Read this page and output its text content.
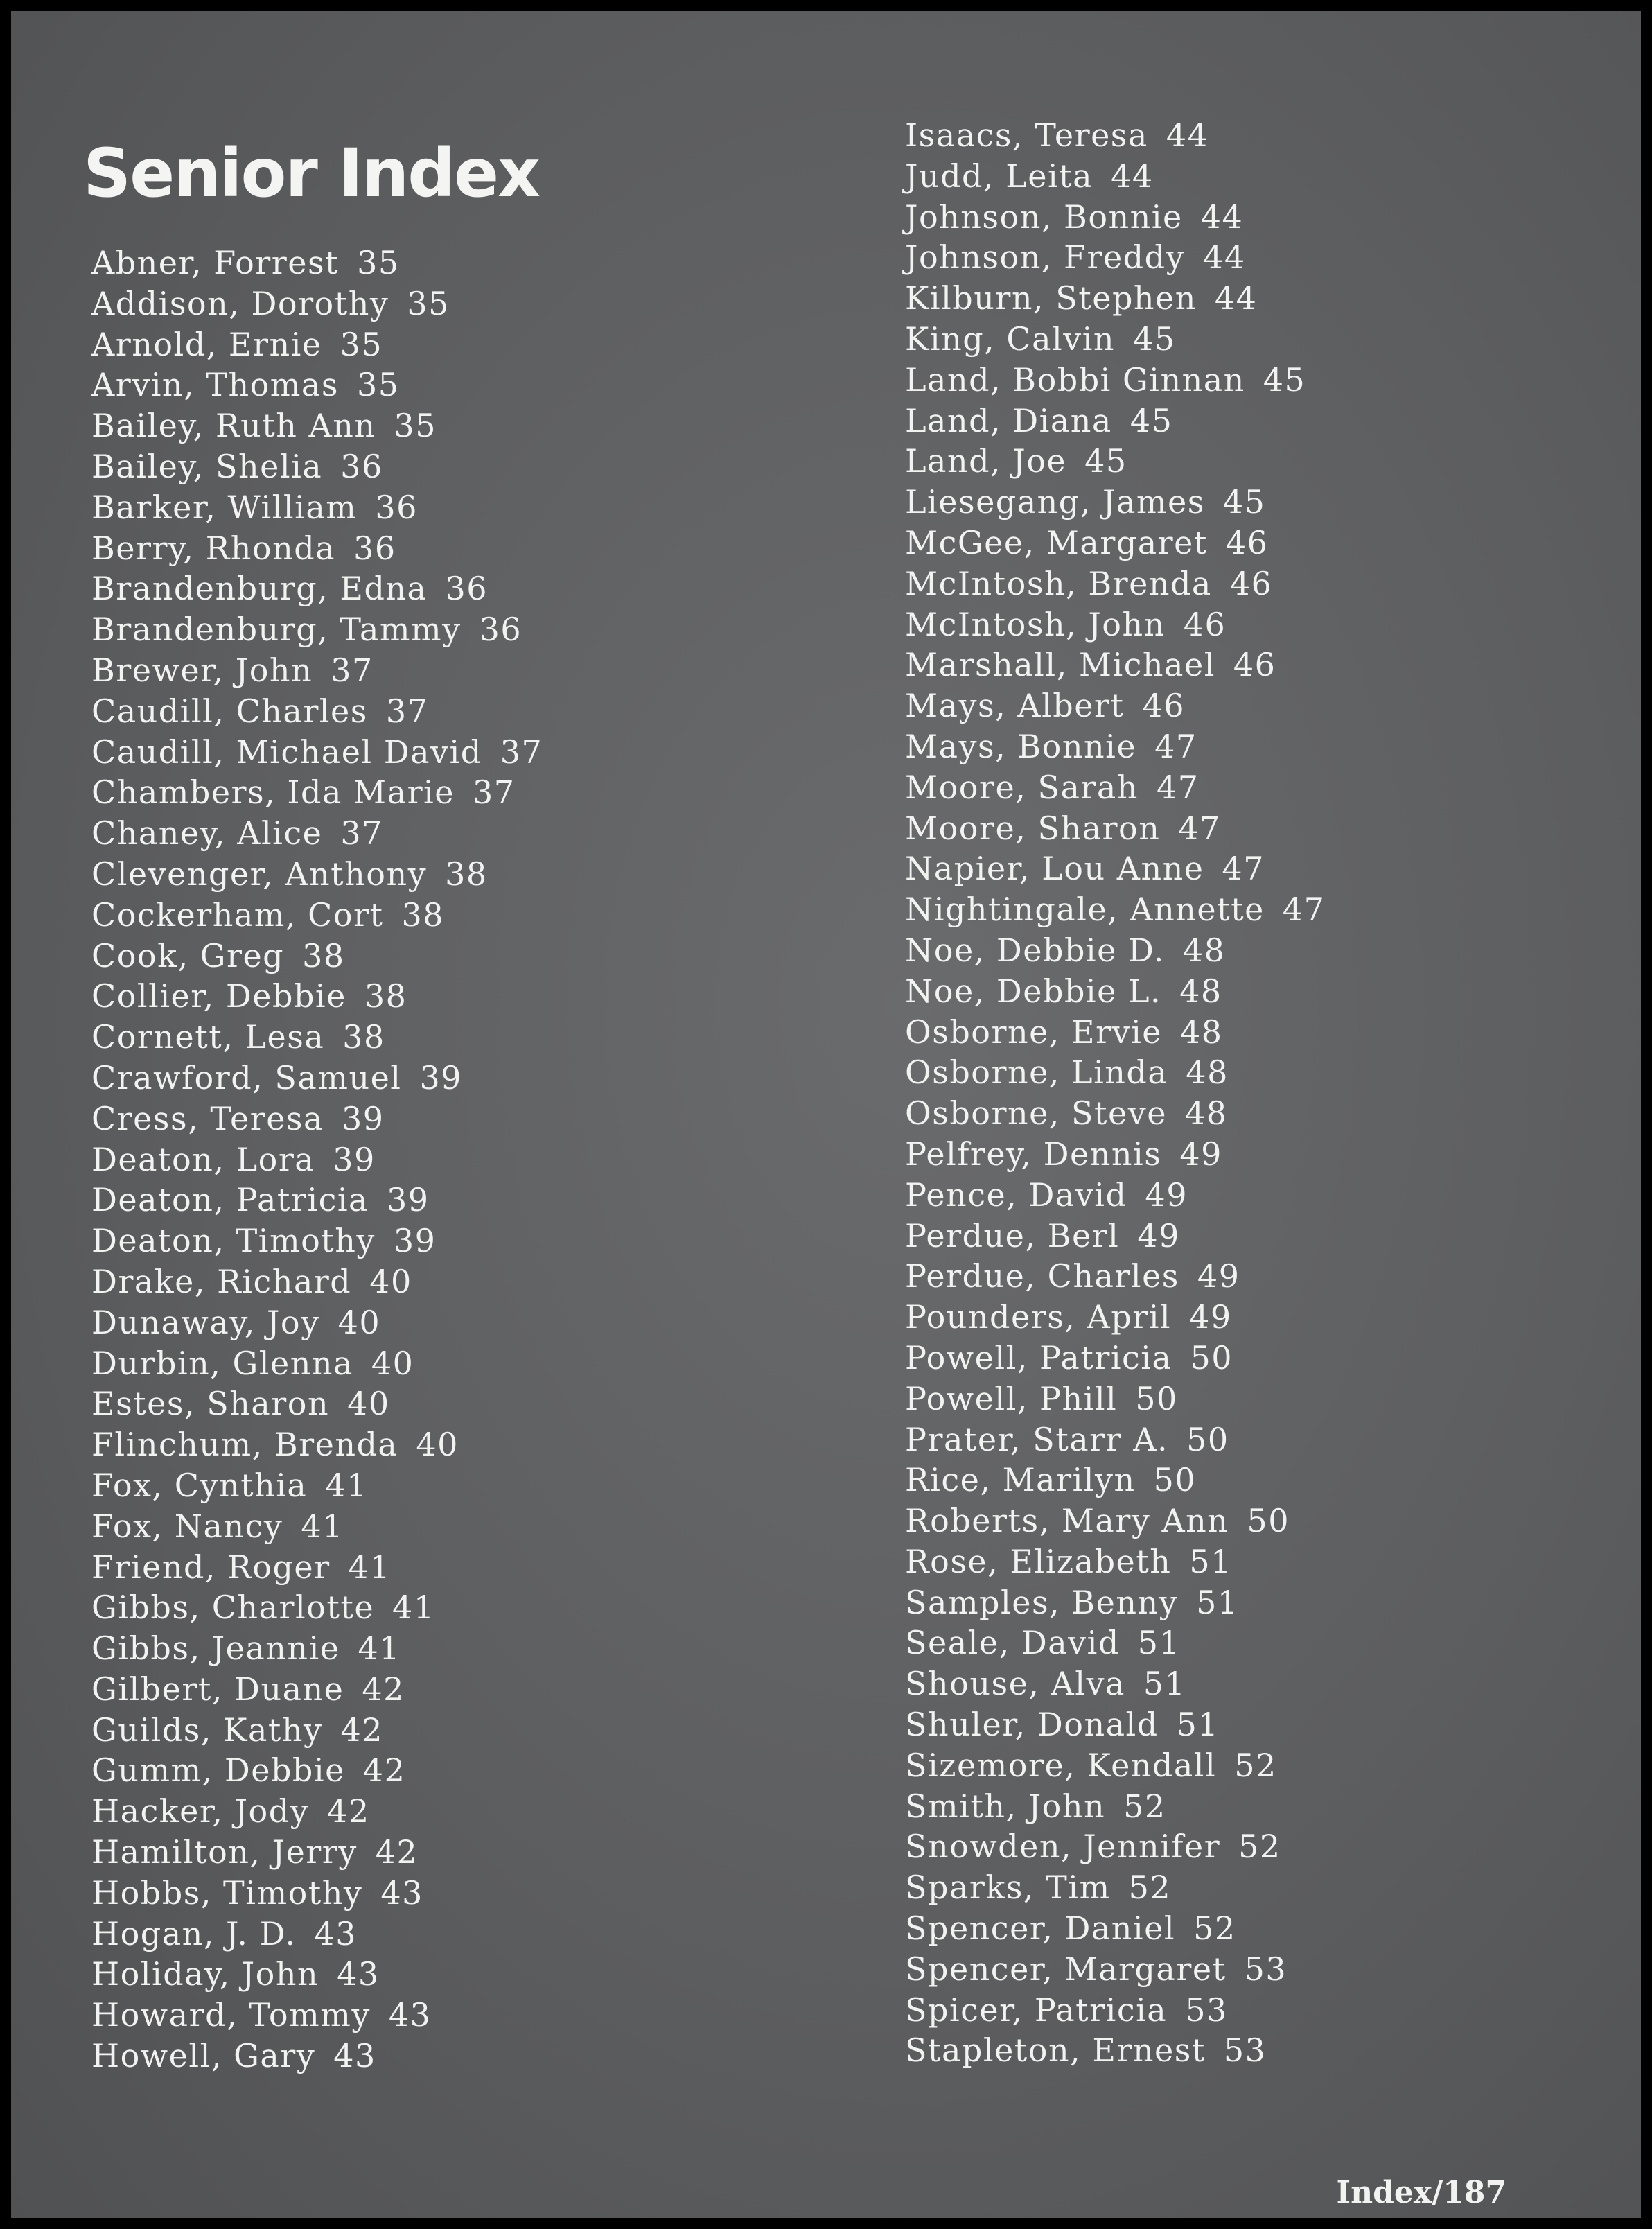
Senior Index
Abner, Forrest 35
Addison, Dorothy 35
Arnold, Ernie 35
Arvin, Thomas 35
Bailey, Ruth Ann 35
Bailey, Shelia 36
Barker, William 36
Berry, Rhonda 36
Brandenburg, Edna 36
Brandenburg, Tammy 36
Brewer, John 37
Caudill, Charles 37
Caudill, Michael David 37
Chambers, Ida Marie 37
Chaney, Alice 37
Clevenger, Anthony 38
Cockerham, Cort 38
Cook, Greg 38
Collier, Debbie 38
Cornett, Lesa 38
Crawford, Samuel 39
Cress, Teresa 39
Deaton, Lora 39
Deaton, Patricia 39
Deaton, Timothy 39
Drake, Richard 40
Dunaway, Joy 40
Durbin, Glenna 40
Estes, Sharon 40
Flinchum, Brenda 40
Fox, Cynthia 41
Fox, Nancy 41
Friend, Roger 41
Gibbs, Charlotte 41
Gibbs, Jeannie 41
Gilbert, Duane 42
Guilds, Kathy 42
Gumm, Debbie 42
Hacker, Jody 42
Hamilton, Jerry 42
Hobbs, Timothy 43
Hogan, J. D. 43
Holiday, John 43
Howard, Tommy 43
Howell, Gary 43
Isaacs, Teresa 44
Judd, Leita 44
Johnson, Bonnie 44
Johnson, Freddy 44
Kilburn, Stephen 44
King, Calvin 45
Land, Bobbi Ginnan 45
Land, Diana 45
Land, Joe 45
Liesegang, James 45
McGee, Margaret 46
McIntosh, Brenda 46
McIntosh, John 46
Marshall, Michael 46
Mays, Albert 46
Mays, Bonnie 47
Moore, Sarah 47
Moore, Sharon 47
Napier, Lou Anne 47
Nightingale, Annette 47
Noe, Debbie D. 48
Noe, Debbie L. 48
Osborne, Ervie 48
Osborne, Linda 48
Osborne, Steve 48
Pelfrey, Dennis 49
Pence, David 49
Perdue, Berl 49
Perdue, Charles 49
Pounders, April 49
Powell, Patricia 50
Powell, Phill 50
Prater, Starr A. 50
Rice, Marilyn 50
Roberts, Mary Ann 50
Rose, Elizabeth 51
Samples, Benny 51
Seale, David 51
Shouse, Alva 51
Shuler, Donald 51
Sizemore, Kendall 52
Smith, John 52
Snowden, Jennifer 52
Sparks, Tim 52
Spencer, Daniel 52
Spencer, Margaret 53
Spicer, Patricia 53
Stapleton, Ernest 53
Index/187
